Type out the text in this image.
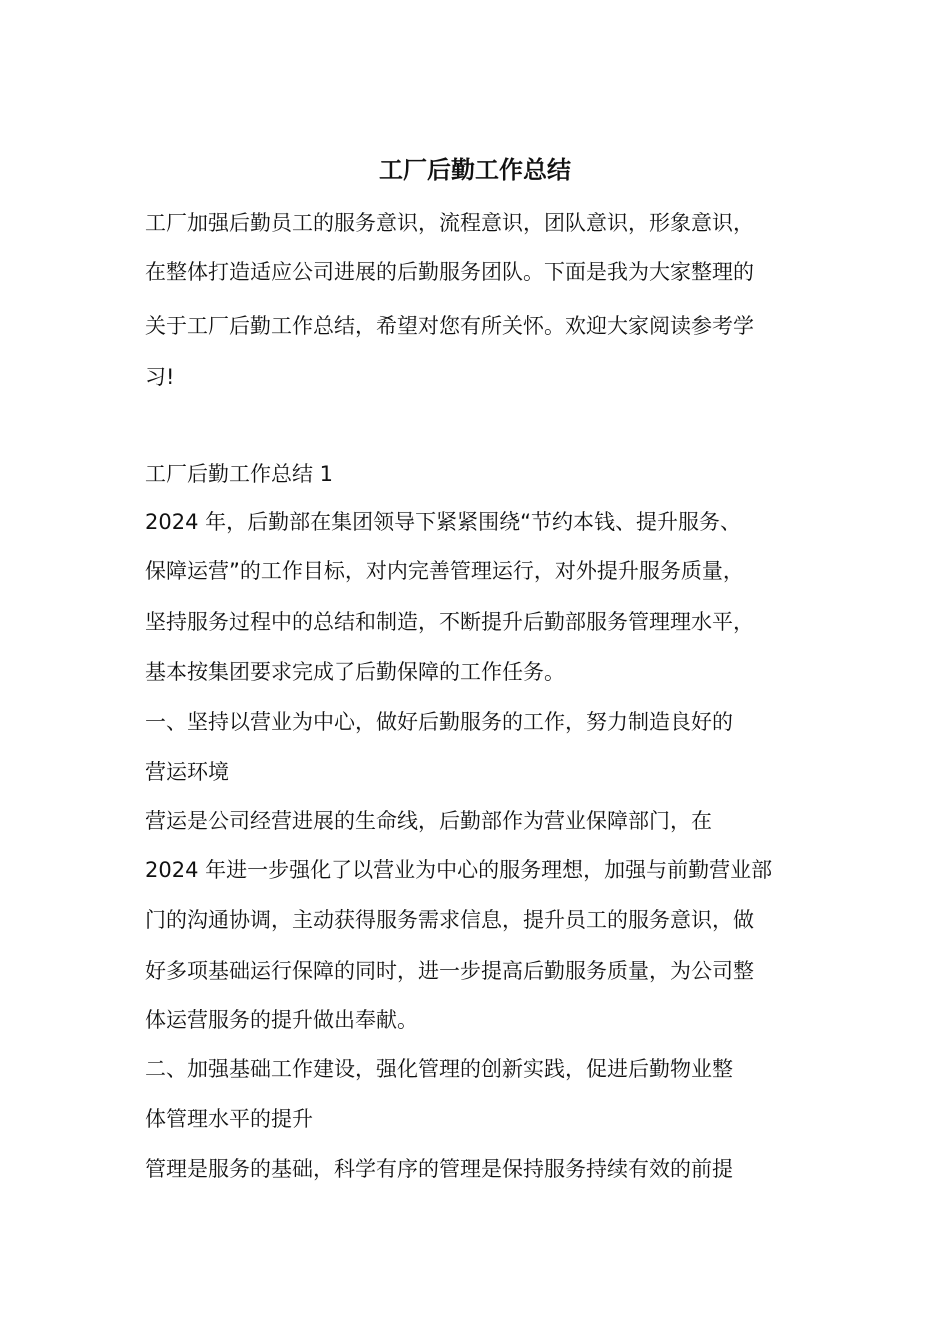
工厂后勤工作总结

工厂加强后勤员工的服务意识，流程意识，团队意识，形象意识，

在整体打造适应公司进展的后勤服务团队。下面是我为大家整理的

关于工厂后勤工作总结，希望对您有所关怀。欢迎大家阅读参考学

习!

工厂后勤工作总结 1

2024 年，后勤部在集团领导下紧紧围绕“节约本钱、提升服务、

保障运营”的工作目标，对内完善管理运行，对外提升服务质量，

坚持服务过程中的总结和制造，不断提升后勤部服务管理理水平，

基本按集团要求完成了后勤保障的工作任务。

一、坚持以营业为中心，做好后勤服务的工作，努力制造良好的

营运环境

营运是公司经营进展的生命线，后勤部作为营业保障部门，在

2024 年进一步强化了以营业为中心的服务理想，加强与前勤营业部

门的沟通协调，主动获得服务需求信息，提升员工的服务意识，做

好多项基础运行保障的同时，进一步提高后勤服务质量，为公司整

体运营服务的提升做出奉献。

二、加强基础工作建设，强化管理的创新实践，促进后勤物业整

体管理水平的提升

管理是服务的基础，科学有序的管理是保持服务持续有效的前提
